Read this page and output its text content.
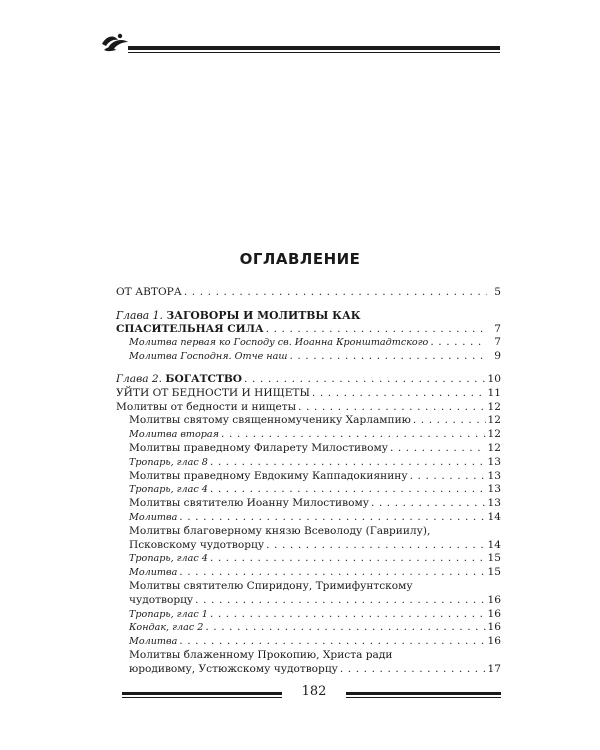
ОГЛАВЛЕНИЕ
ОТ АВТОРА . . .	5
Глава 1. ЗАГОВОРЫ И МОЛИТВЫ КАК
СПАСИТЕЛЬНАЯ СИЛА . . .	7
Молитва первая ко Господу св. Иоанна Кронштадтского . . .	7
Молитва Господня. Отче наш . . .	9
Глава 2. БОГАТСТВО . . .	10
УЙТИ ОТ БЕДНОСТИ И НИЩЕТЫ . . .	11
Молитвы от бедности и нищеты . . .	12
Молитвы святому священномученику Харлампию . . .	12
Молитва вторая . . .	12
Молитвы праведному Филарету Милостивому . . .	12
Тропарь, глас 8 . . .	13
Молитвы праведному Евдокиму Каппадокиянину . . .	13
Тропарь, глас 4 . . .	13
Молитвы святителю Иоанну Милостивому . . .	13
Молитва . . .	14
Молитвы благоверному князю Всеволоду (Гавриилу),
Псковскому чудотворцу . . .	14
Тропарь, глас 4 . . .	15
Молитва . . .	15
Молитвы святителю Спиридону, Тримифунтскому
чудотворцу . . .	16
Тропарь, глас 1 . . .	16
Кондак, глас 2 . . .	16
Молитва . . .	16
Молитвы блаженному Прокопию, Христа ради
юродивому, Устюжскому чудотворцу . . .	17
182
